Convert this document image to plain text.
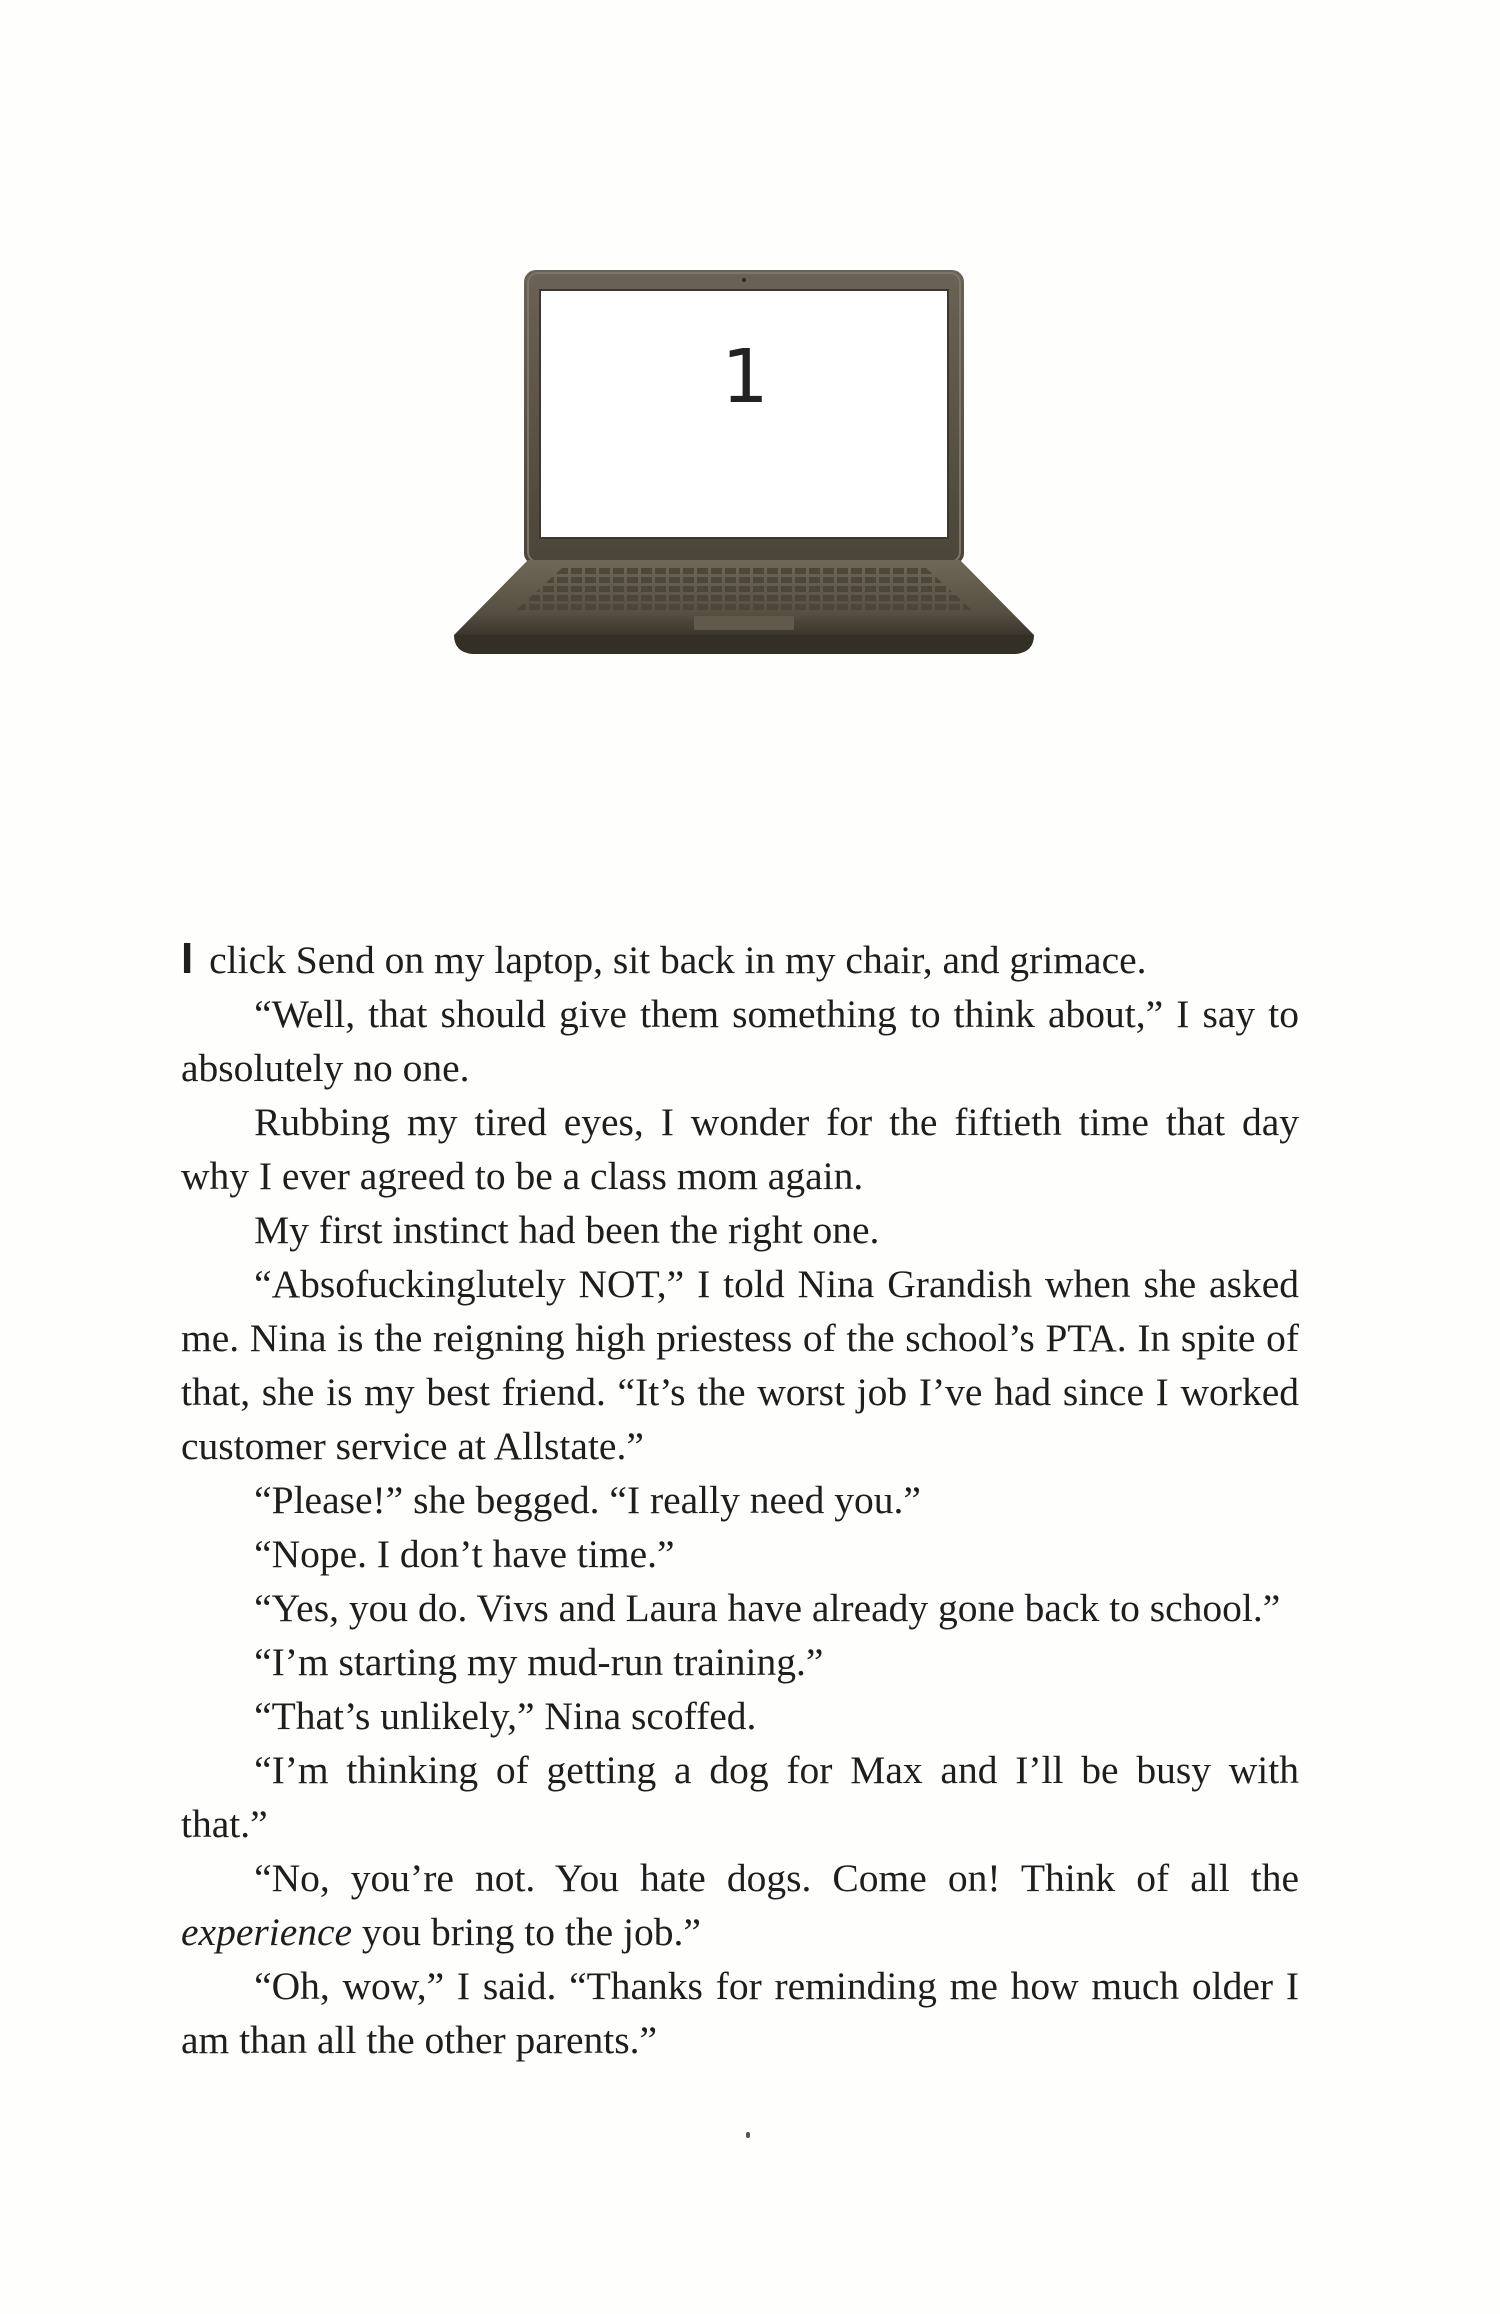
1

I click Send on my laptop, sit back in my chair, and grimace.

“Well, that should give them something to think about,” I say to absolutely no one.

Rubbing my tired eyes, I wonder for the fiftieth time that day why I ever agreed to be a class mom again.

My first instinct had been the right one.

“Absofuckinglutely NOT,” I told Nina Grandish when she asked me. Nina is the reigning high priestess of the school’s PTA. In spite of that, she is my best friend. “It’s the worst job I’ve had since I worked customer service at Allstate.”

“Please!” she begged. “I really need you.”

“Nope. I don’t have time.”

“Yes, you do. Vivs and Laura have already gone back to school.”

“I’m starting my mud-run training.”

“That’s unlikely,” Nina scoffed.

“I’m thinking of getting a dog for Max and I’ll be busy with that.”

“No, you’re not. You hate dogs. Come on! Think of all the experience you bring to the job.”

“Oh, wow,” I said. “Thanks for reminding me how much older I am than all the other parents.”
